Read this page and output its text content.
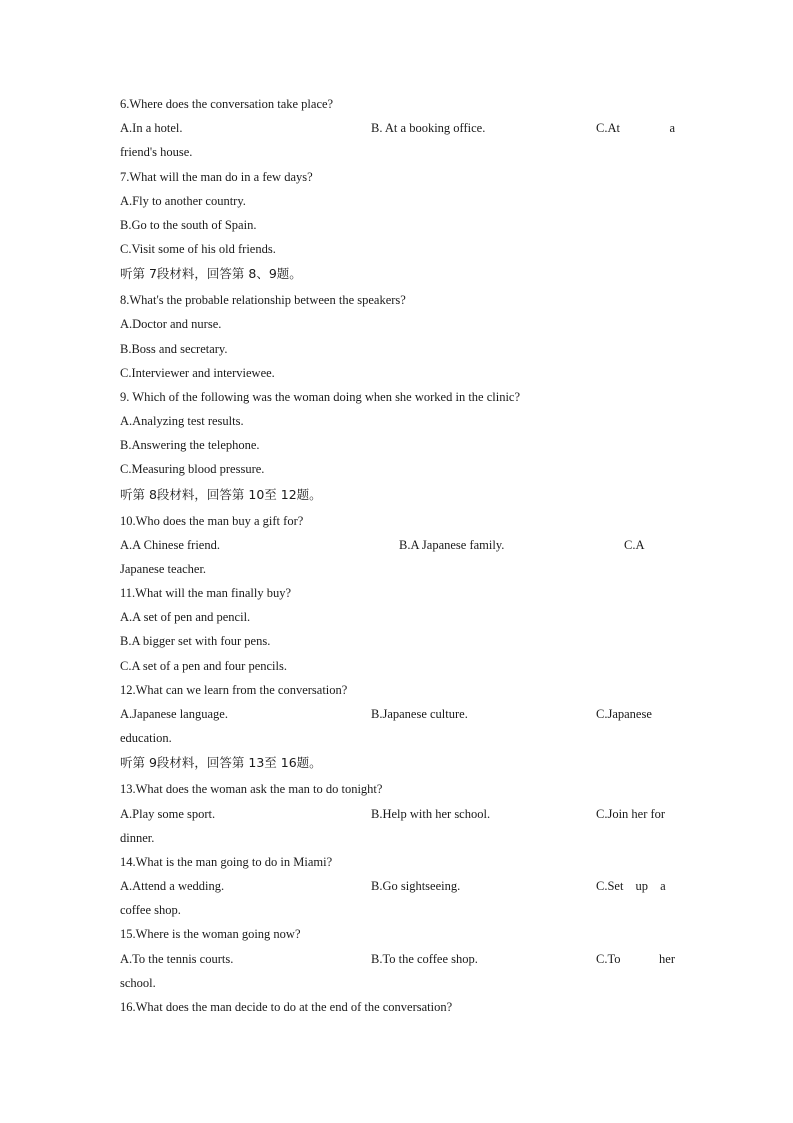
6.Where does the conversation take place?
A.In a hotel.	B. At a booking office.	C.At	a
friend's house.
7.What will the man do in a few days?
A.Fly to another country.
B.Go to the south of Spain.
C.Visit some of his old friends.
听第 7段材料，回答第 8、9题。
8.What's the probable relationship between the speakers?
A.Doctor and nurse.
B.Boss and secretary.
C.Interviewer and interviewee.
9. Which of the following was the woman doing when she worked in the clinic?
A.Analyzing test results.
B.Answering the telephone.
C.Measuring blood pressure.
听第 8段材料，回答第 10至 12题。
10.Who does the man buy a gift for?
A.A Chinese friend.	B.A Japanese family.	C.A
Japanese teacher.
11.What will the man finally buy?
A.A set of pen and pencil.
B.A bigger set with four pens.
C.A set of a pen and four pencils.
12.What can we learn from the conversation?
A.Japanese language.	B.Japanese culture.	C.Japanese
education.
听第 9段材料，回答第 13至 16题。
13.What does the woman ask the man to do tonight?
A.Play some sport.	B.Help with her school.	C.Join her for
dinner.
14.What is the man going to do in Miami?
A.Attend a wedding.	B.Go sightseeing.	C.Set up a
coffee shop.
15.Where is the woman going now?
A.To the tennis courts.	B.To the coffee shop.	C.To	her
school.
16.What does the man decide to do at the end of the conversation?
